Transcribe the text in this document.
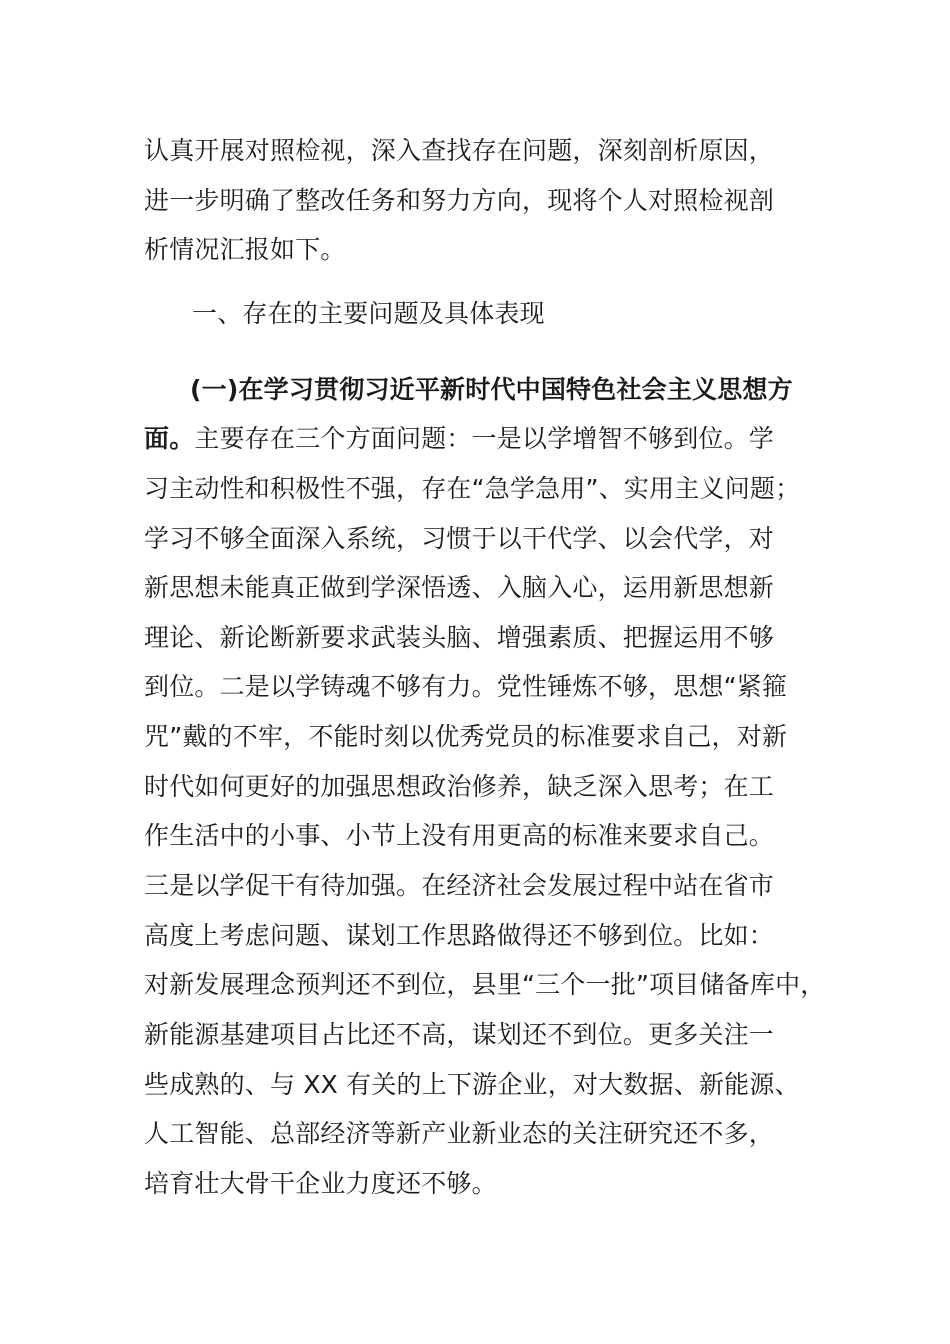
认真开展对照检视，深入查找存在问题，深刻剖析原因，
进一步明确了整改任务和努力方向，现将个人对照检视剖
析情况汇报如下。
一、存在的主要问题及具体表现
(一)在学习贯彻习近平新时代中国特色社会主义思想方
面。主要存在三个方面问题：一是以学增智不够到位。学
习主动性和积极性不强，存在“急学急用”、实用主义问题；
学习不够全面深入系统，习惯于以干代学、以会代学，对
新思想未能真正做到学深悟透、入脑入心，运用新思想新
理论、新论断新要求武装头脑、增强素质、把握运用不够
到位。二是以学铸魂不够有力。党性锤炼不够，思想“紧箍
咒”戴的不牢，不能时刻以优秀党员的标准要求自己，对新
时代如何更好的加强思想政治修养，缺乏深入思考；在工
作生活中的小事、小节上没有用更高的标准来要求自己。
三是以学促干有待加强。在经济社会发展过程中站在省市
高度上考虑问题、谋划工作思路做得还不够到位。比如：
对新发展理念预判还不到位，县里“三个一批”项目储备库中，
新能源基建项目占比还不高，谋划还不到位。更多关注一
些成熟的、与 XX 有关的上下游企业，对大数据、新能源、
人工智能、总部经济等新产业新业态的关注研究还不多，
培育壮大骨干企业力度还不够。
